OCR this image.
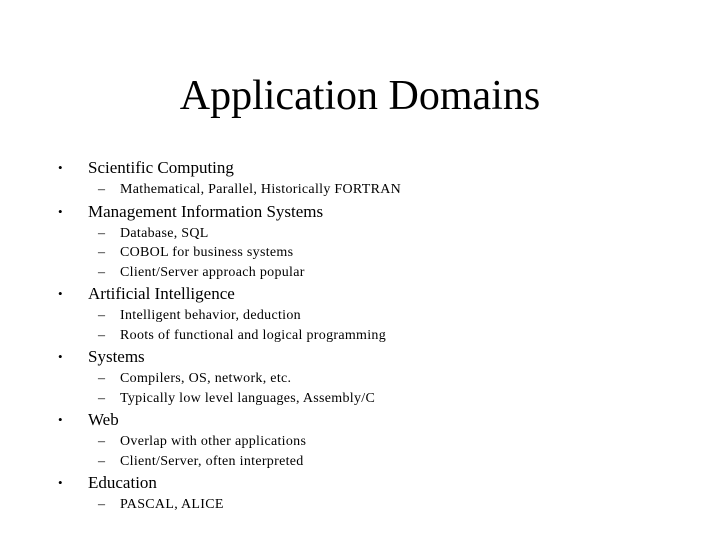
Application Domains
• Scientific Computing
– Mathematical, Parallel, Historically FORTRAN
• Management Information Systems
– Database, SQL
– COBOL for business systems
– Client/Server approach popular
• Artificial Intelligence
– Intelligent behavior, deduction
– Roots of functional and logical programming
• Systems
– Compilers, OS, network, etc.
– Typically low level languages, Assembly/C
• Web
– Overlap with other applications
– Client/Server, often interpreted
• Education
– PASCAL, ALICE
